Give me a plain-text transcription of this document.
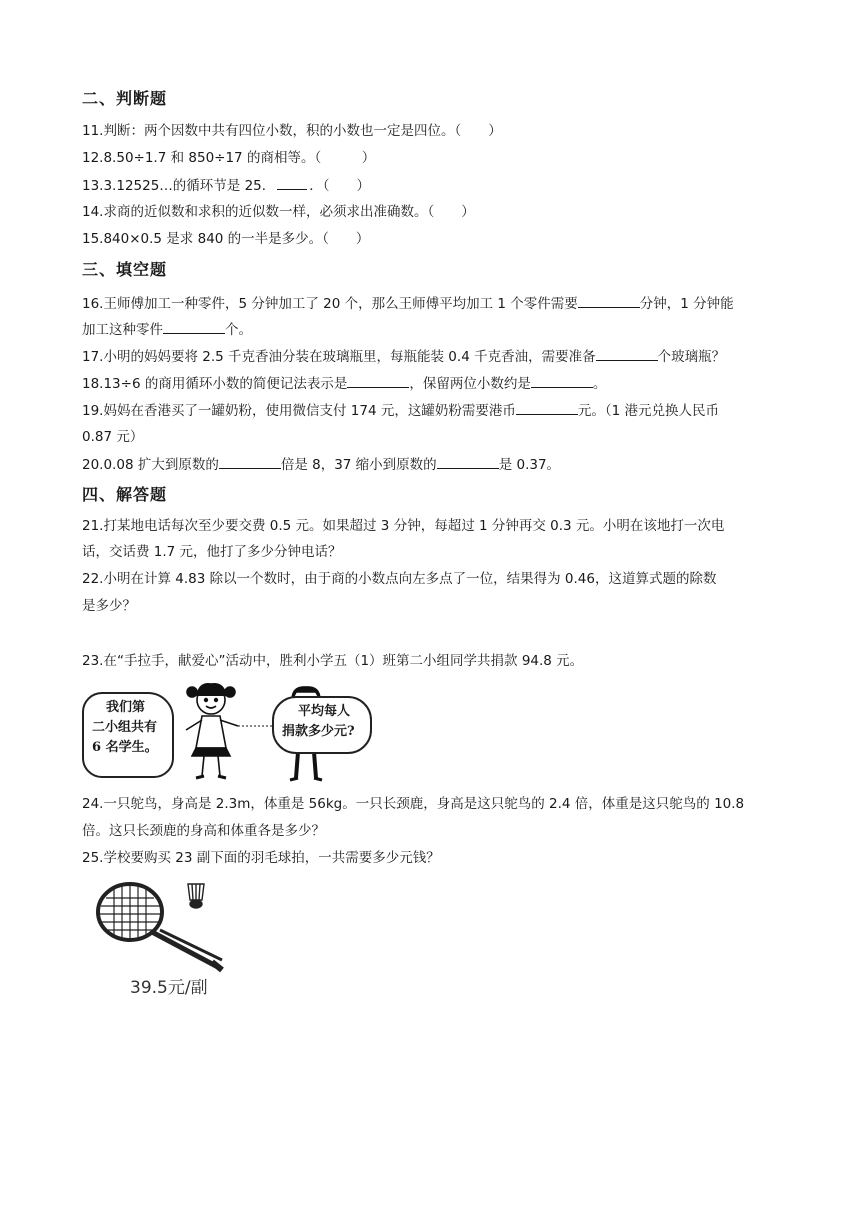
二、判断题
11.判断：两个因数中共有四位小数，积的小数也一定是四位。（　　）
12.8.50÷1.7 和 850÷17 的商相等。（　　　）
13.3.12525…的循环节是 25．	．（　　）
14.求商的近似数和求积的近似数一样，必须求出准确数。（　　）
15.840×0.5 是求 840 的一半是多少。（　　）
三、填空题
16.王师傅加工一种零件，5 分钟加工了 20 个，那么王师傅平均加工 1 个零件需要	分钟，1 分钟能
加工这种零件	个。
17.小明的妈妈要将 2.5 千克香油分装在玻璃瓶里，每瓶能装 0.4 千克香油，需要准备	个玻璃瓶？
18.13÷6 的商用循环小数的简便记法表示是	，保留两位小数约是	。
19.妈妈在香港买了一罐奶粉，使用微信支付 174 元，这罐奶粉需要港币	元。（1 港元兑换人民币
0.87 元）
20.0.08 扩大到原数的	倍是 8，37 缩小到原数的	是 0.37。
四、解答题
21.打某地电话每次至少要交费 0.5 元。如果超过 3 分钟，每超过 1 分钟再交 0.3 元。小明在该地打一次电
话，交话费 1.7 元，他打了多少分钟电话？
22.小明在计算 4.83 除以一个数时，由于商的小数点向左多点了一位，结果得为 0.46，这道算式题的除数
是多少？
23.在“手拉手，献爱心”活动中，胜利小学五（1）班第二小组同学共捐款 94.8 元。
我们第
二小组共有
6 名学生。
平均每人
捐款多少元?
24.一只鸵鸟，身高是 2.3m，体重是 56kg。一只长颈鹿，身高是这只鸵鸟的 2.4 倍，体重是这只鸵鸟的 10.8
倍。这只长颈鹿的身高和体重各是多少？
25.学校要购买 23 副下面的羽毛球拍，一共需要多少元钱？
39.5元/副
